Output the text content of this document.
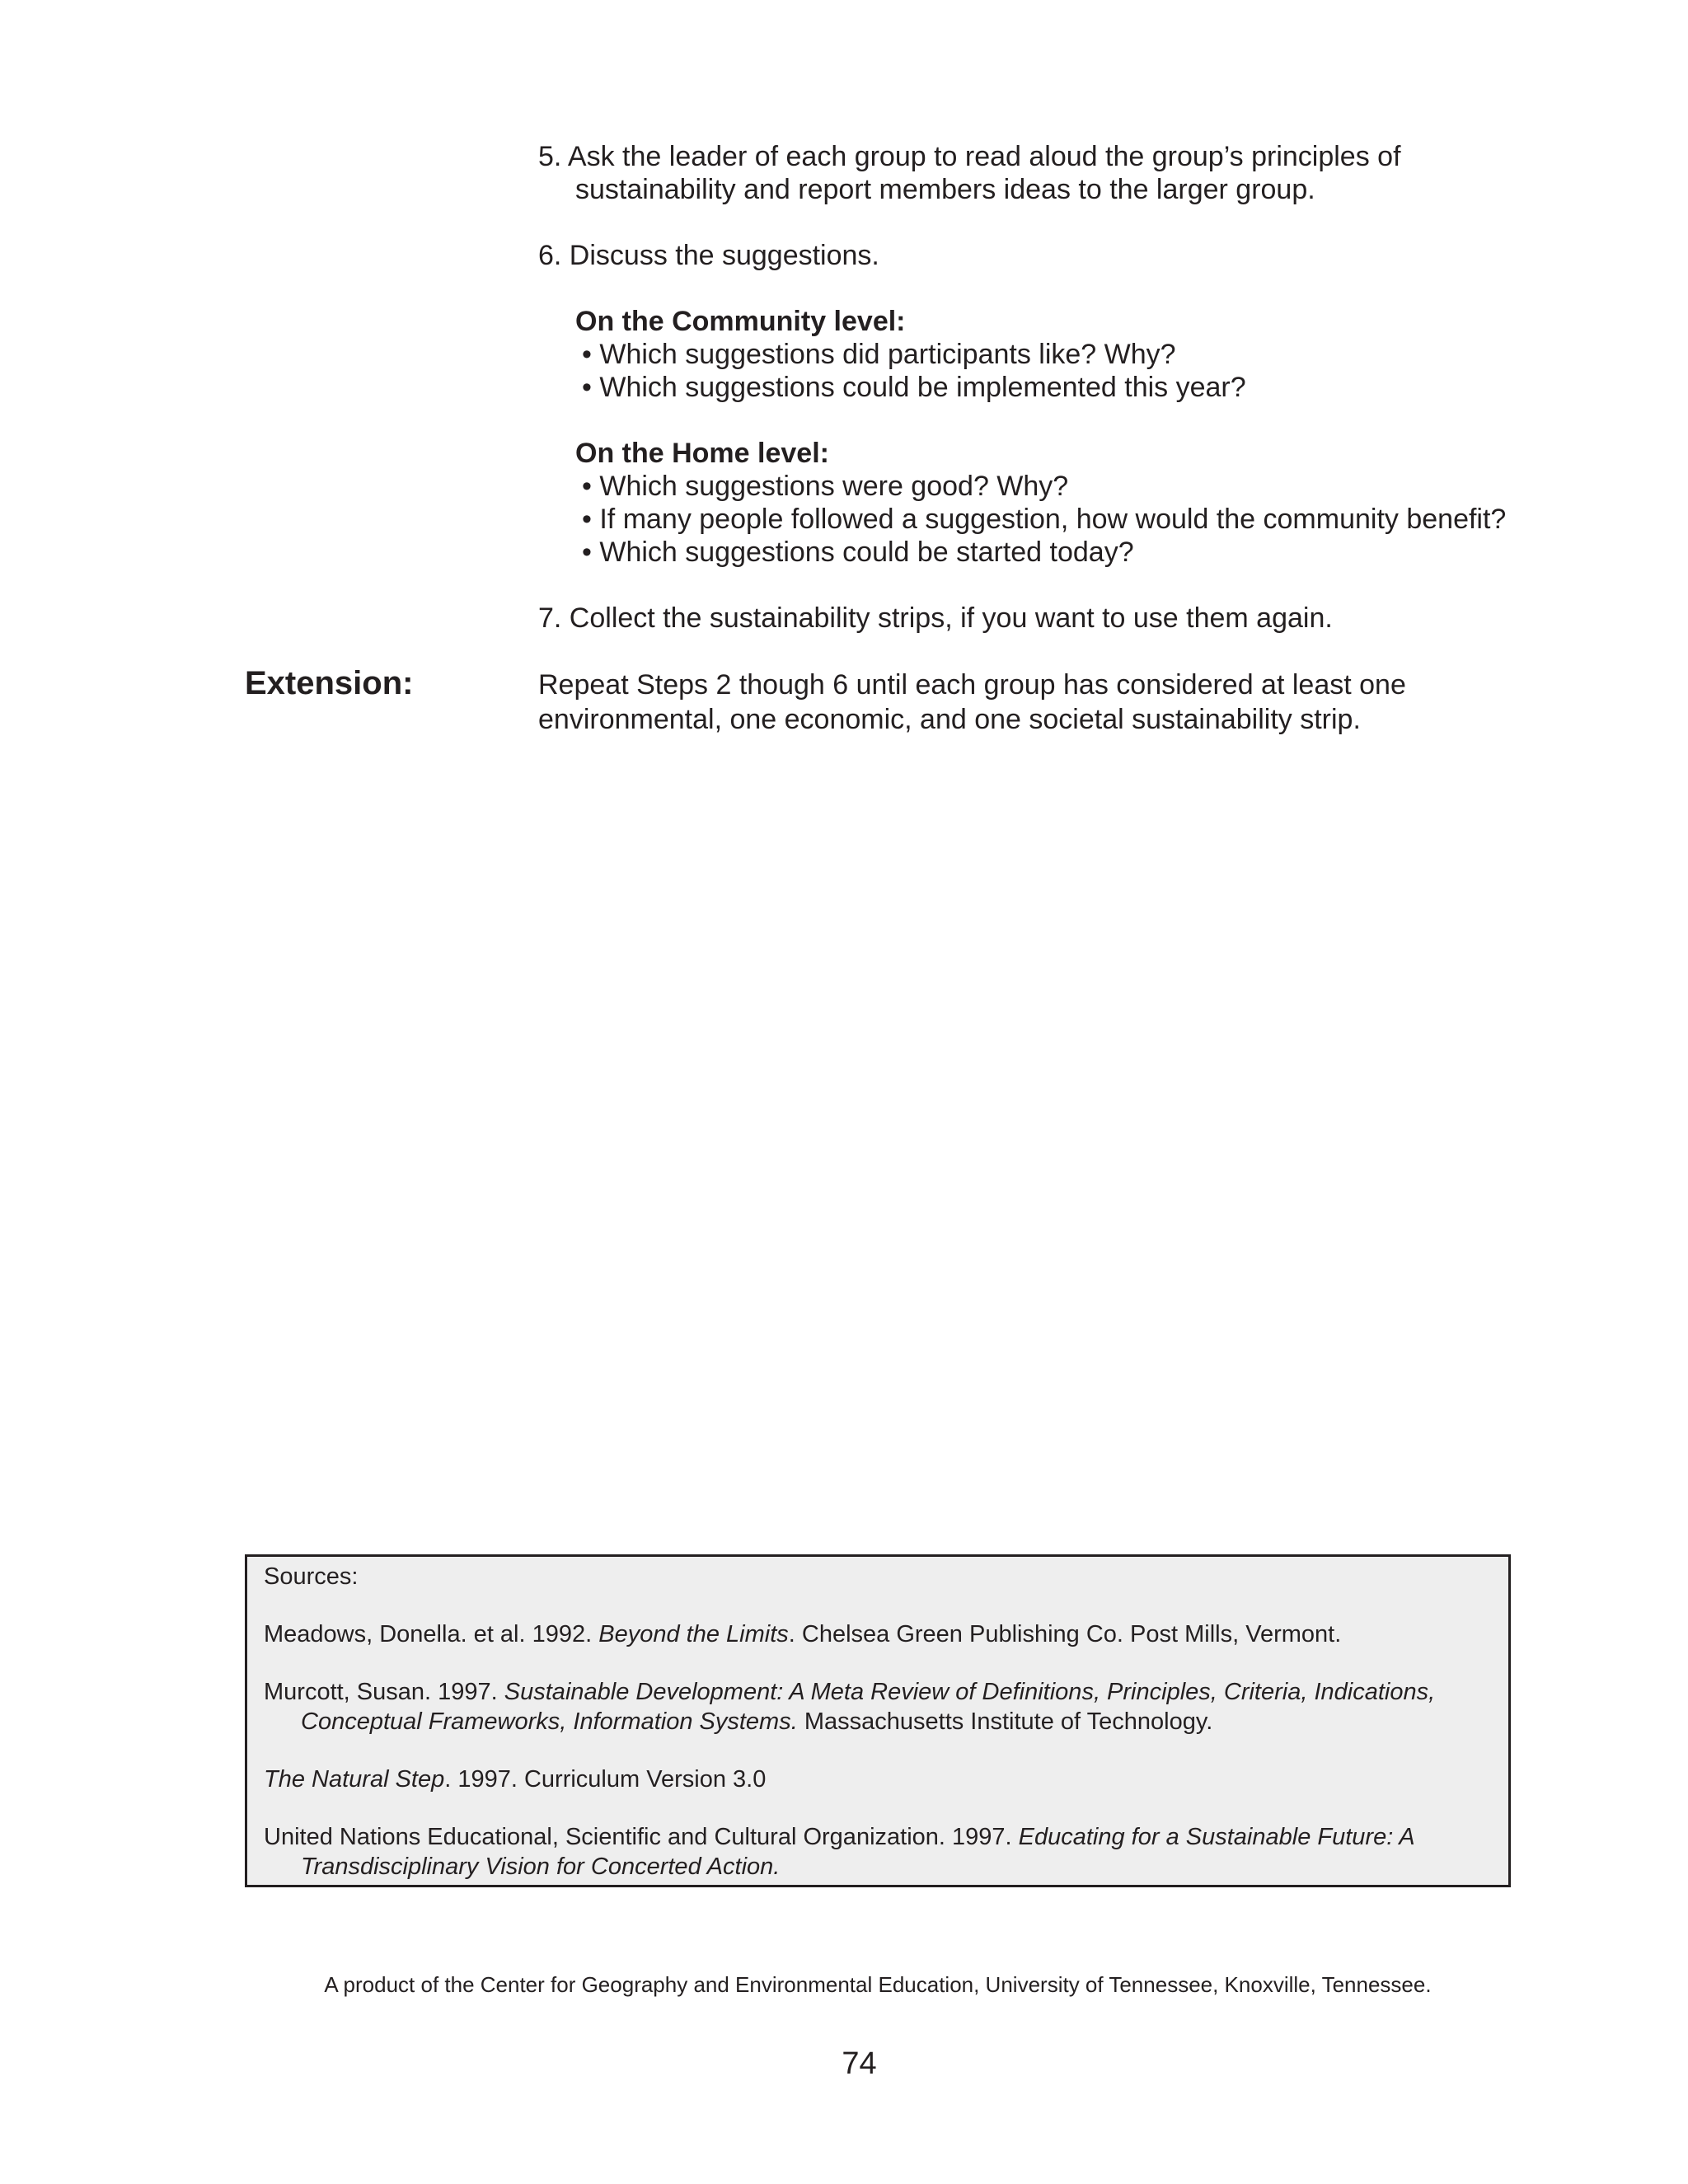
5. Ask the leader of each group to read aloud the group’s principles of sustainability and report members ideas to the larger group.
6. Discuss the suggestions.
On the Community level:
• Which suggestions did participants like? Why?
• Which suggestions could be implemented this year?
On the Home level:
• Which suggestions were good? Why?
• If many people followed a suggestion, how would the community benefit?
• Which suggestions could be started today?
7. Collect the sustainability strips, if you want to use them again.
Extension:	Repeat Steps 2 though 6 until each group has considered at least one environmental, one economic, and one societal sustainability strip.
Sources:
Meadows, Donella. et al. 1992. Beyond the Limits. Chelsea Green Publishing Co. Post Mills, Vermont.
Murcott, Susan. 1997. Sustainable Development: A Meta Review of Definitions, Principles, Criteria, Indications, Conceptual Frameworks, Information Systems. Massachusetts Institute of Technology.
The Natural Step. 1997. Curriculum Version 3.0
United Nations Educational, Scientific and Cultural Organization. 1997. Educating for a Sustainable Future: A Transdisciplinary Vision for Concerted Action.
A product of the Center for Geography and Environmental Education, University of Tennessee, Knoxville, Tennessee.
74
